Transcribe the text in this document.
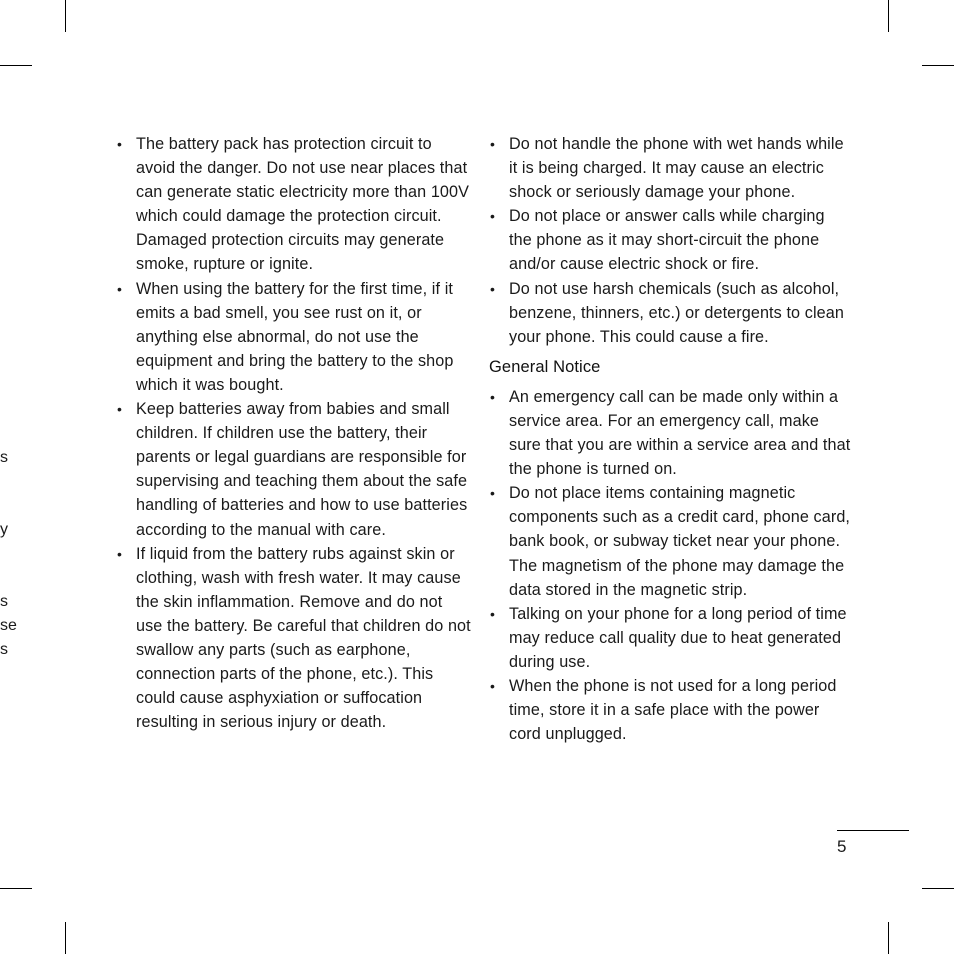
s
y
s
se
s
• The battery pack has protection circuit to avoid the danger. Do not use near places that can generate static electricity more than 100V which could damage the protection circuit. Damaged protection circuits may generate smoke, rupture or ignite.
• When using the battery for the first time, if it emits a bad smell, you see rust on it, or anything else abnormal, do not use the equipment and bring the battery to the shop which it was bought.
• Keep batteries away from babies and small children. If children use the battery, their parents or legal guardians are responsible for supervising and teaching them about the safe handling of batteries and how to use batteries according to the manual with care.
• If liquid from the battery rubs against skin or clothing, wash with fresh water. It may cause the skin inflammation. Remove and do not use the battery. Be careful that children do not swallow any parts (such as earphone, connection parts of the phone, etc.). This could cause asphyxiation or suffocation resulting in serious injury or death.
• Do not handle the phone with wet hands while it is being charged. It may cause an electric shock or seriously damage your phone.
• Do not place or answer calls while charging the phone as it may short-circuit the phone and/or cause electric shock or fire.
• Do not use harsh chemicals (such as alcohol, benzene, thinners, etc.) or detergents to clean your phone. This could cause a fire.
General Notice
• An emergency call can be made only within a service area. For an emergency call, make sure that you are within a service area and that the phone is turned on.
• Do not place items containing magnetic components such as a credit card, phone card, bank book, or subway ticket near your phone. The magnetism of the phone may damage the data stored in the magnetic strip.
• Talking on your phone for a long period of time may reduce call quality due to heat generated during use.
• When the phone is not used for a long period time, store it in a safe place with the power cord unplugged.
5
